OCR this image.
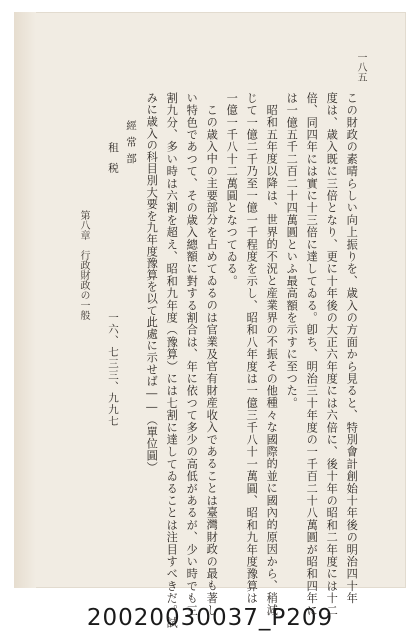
一八五
この財政の素晴らしい向上振りを、歳入の方面から見ると、特別會計創始十年後の明治四十年
度は、歳入既に三倍となり、更に十年後の大正六年度には六倍に、後十年の昭和二年度には十二
倍、同四年には實に十三倍に達してゐる。卽ち、明治三十年度の一千百二十八萬圓が昭和四年に
は一億五千二百二十四萬圓といふ最高額を示すに至つた。
昭和五年度以降は、世界的不況と産業界の不振その他種々な國際的並に國內的原因から、稍減
じて一億二千乃至一億一千程度を示し、昭和八年度は一億三千八十一萬圓、昭和九年度豫算は
一億一千八十二萬圓となつてゐる。
この歳入中の主要部分を占めてゐるのは官業及官有財産收入であることは臺灣財政の最も著し
い特色であつて、その歳入總額に對する割合は、年に依つて多少の高低があるが、少い時でも三
割九分、多い時は六割を超え、昭和九年度（豫算）には七割に達してゐることは注目すべきだ。試
みに歳入の科目別大要を九年度豫算を以て此處に示せば――（單位圓）
經常部
租税
一六、七三三、九九七
第八章　行政財政の一般
20020030037_P209
